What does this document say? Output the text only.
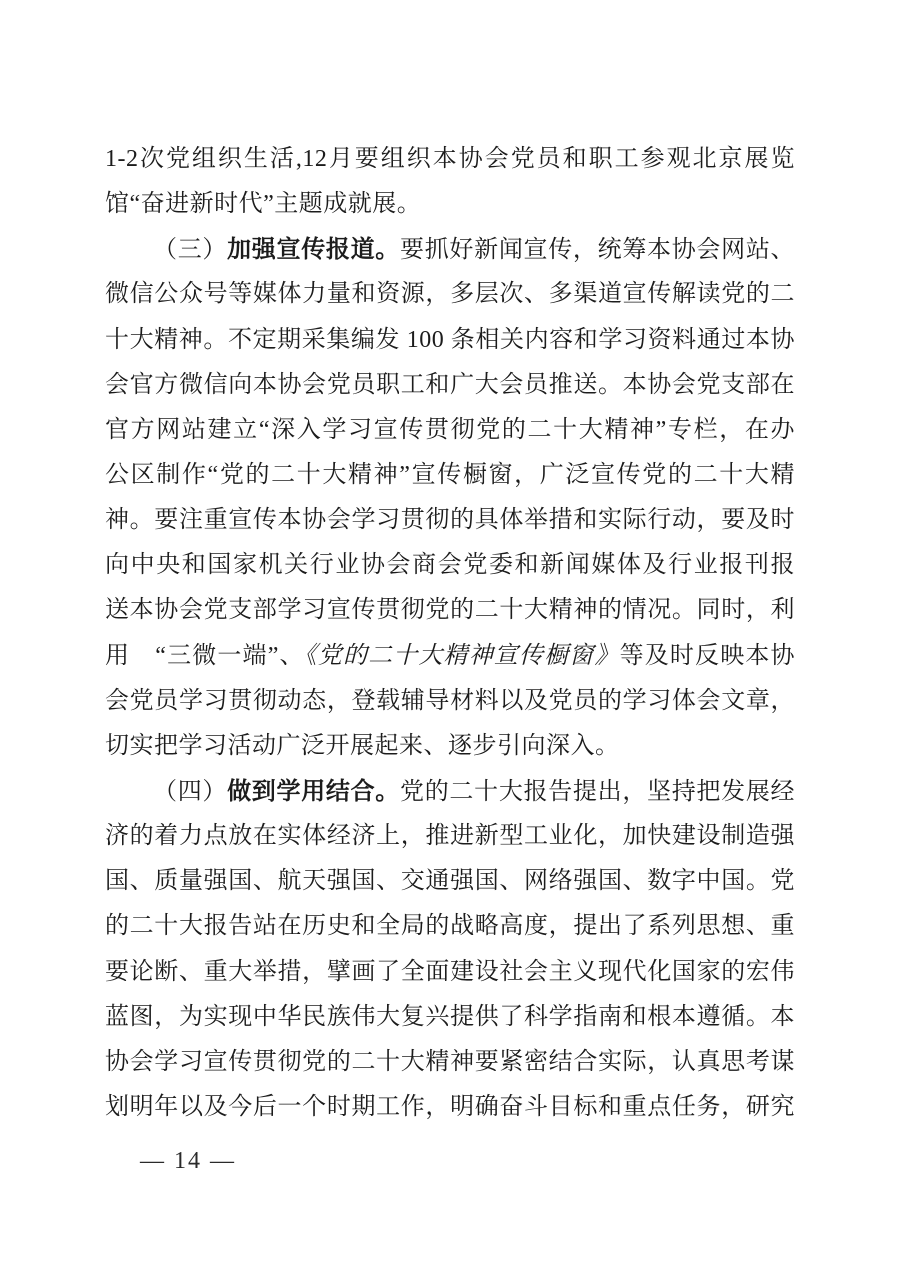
1-2次党组织生活,12月要组织本协会党员和职工参观北京展览
馆“奋进新时代”主题成就展。
（三）加强宣传报道。要抓好新闻宣传，统筹本协会网站、
微信公众号等媒体力量和资源，多层次、多渠道宣传解读党的二
十大精神。不定期采集编发 100 条相关内容和学习资料通过本协
会官方微信向本协会党员职工和广大会员推送。本协会党支部在
官方网站建立“深入学习宣传贯彻党的二十大精神”专栏，在办
公区制作“党的二十大精神”宣传橱窗，广泛宣传党的二十大精
神。要注重宣传本协会学习贯彻的具体举措和实际行动，要及时
向中央和国家机关行业协会商会党委和新闻媒体及行业报刊报
送本协会党支部学习宣传贯彻党的二十大精神的情况。同时，利
用　“三微一端”、《党的二十大精神宣传橱窗》等及时反映本协
会党员学习贯彻动态，登载辅导材料以及党员的学习体会文章，
切实把学习活动广泛开展起来、逐步引向深入。
（四）做到学用结合。党的二十大报告提出，坚持把发展经
济的着力点放在实体经济上，推进新型工业化，加快建设制造强
国、质量强国、航天强国、交通强国、网络强国、数字中国。党
的二十大报告站在历史和全局的战略高度，提出了系列思想、重
要论断、重大举措，擘画了全面建设社会主义现代化国家的宏伟
蓝图，为实现中华民族伟大复兴提供了科学指南和根本遵循。本
协会学习宣传贯彻党的二十大精神要紧密结合实际，认真思考谋
划明年以及今后一个时期工作，明确奋斗目标和重点任务，研究
— 14 —
